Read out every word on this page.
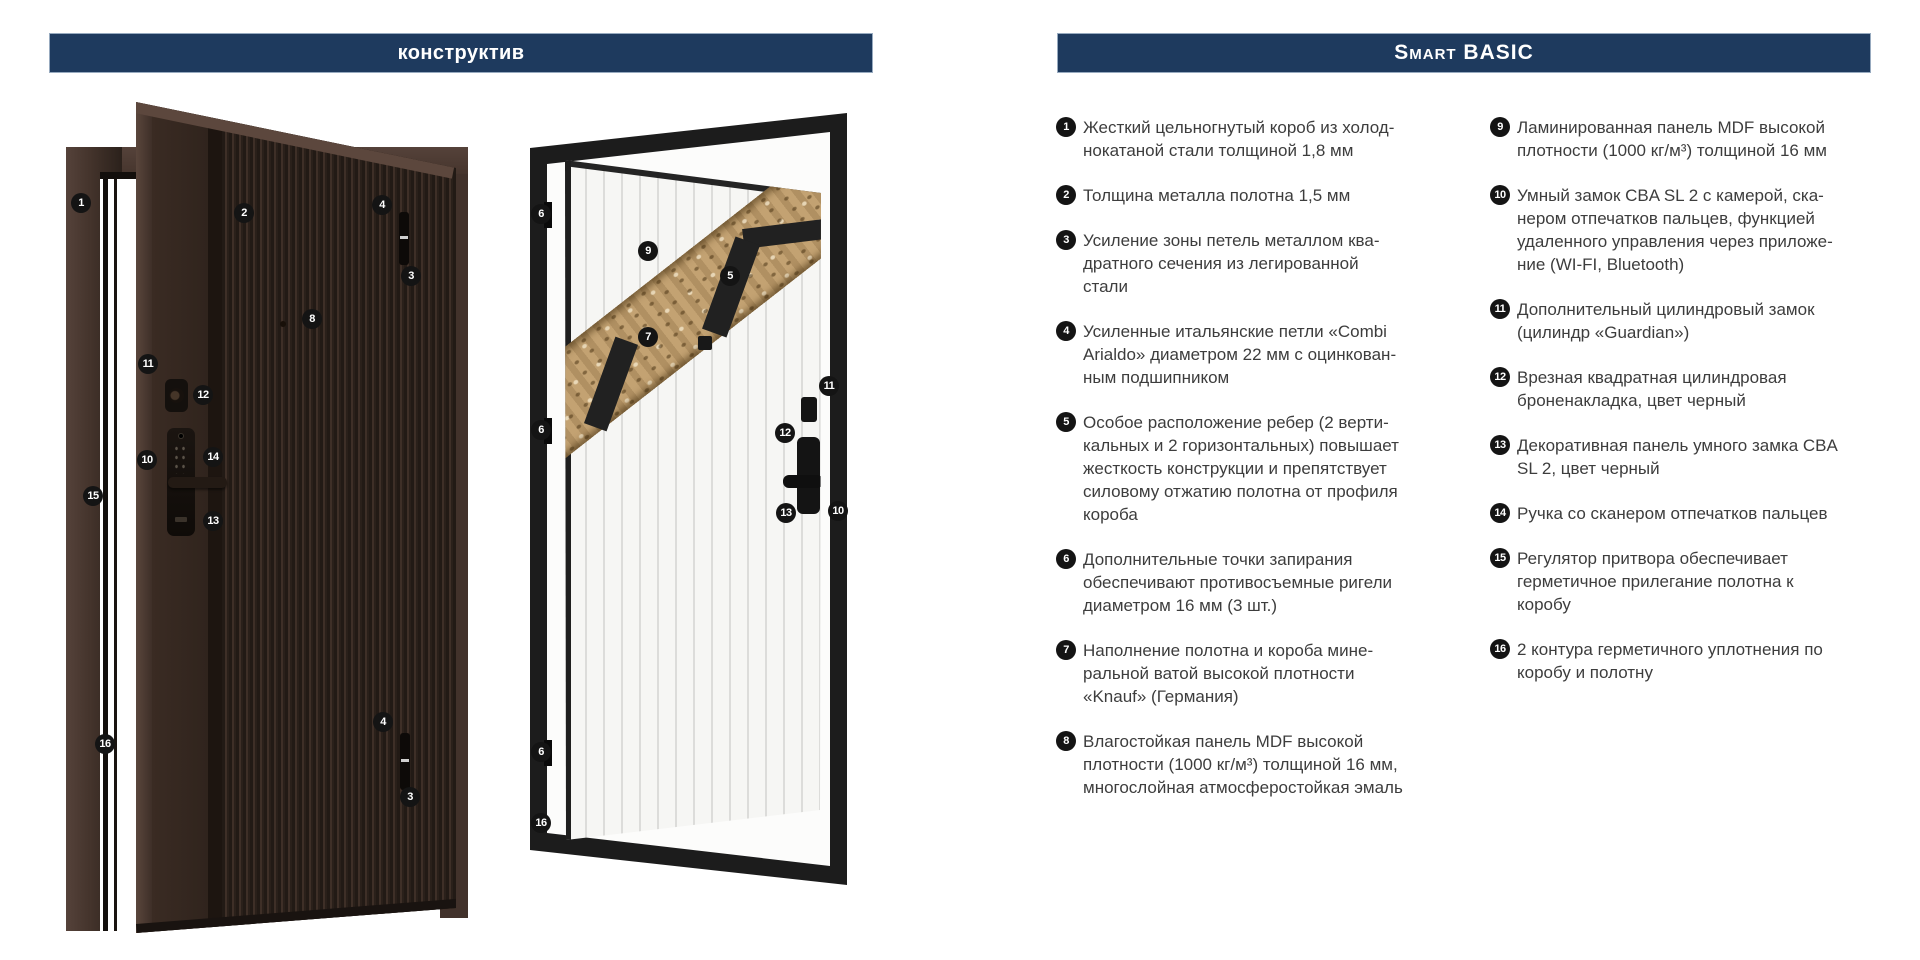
конструктив	Smart BASIC
1
2
4
3
8
11
12
14
10
15
13
16
4
3
6
9
5
7
11
6	12
13	10
6
16
1 Жесткий цельногнутый короб из холоднокатаной стали толщиной 1,8 мм
2 Толщина металла полотна 1,5 мм
3 Усиление зоны петель металлом квадратного сечения из легированной стали
4 Усиленные итальянские петли «Combi Arialdo» диаметром 22 мм с оцинкованным подшипником
5 Особое расположение ребер (2 вертикальных и 2 горизонтальных) повышает жесткость конструкции и препятствует силовому отжатию полотна от профиля короба
6 Дополнительные точки запирания обеспечивают противосъемные ригели диаметром 16 мм (3 шт.)
7 Наполнение полотна и короба минеральной ватой высокой плотности «Knauf» (Германия)
8 Влагостойкая панель MDF высокой плотности (1000 кг/м³) толщиной 16 мм, многослойная атмосферостойкая эмаль
9 Ламинированная панель MDF высокой плотности (1000 кг/м³) толщиной 16 мм
10 Умный замок CBA SL 2 с камерой, сканером отпечатков пальцев, функцией удаленного управления через приложение (WI-FI, Bluetooth)
11 Дополнительный цилиндровый замок (цилиндр «Guardian»)
12 Врезная квадратная цилиндровая броненакладка, цвет черный
13 Декоративная панель умного замка CBA SL 2, цвет черный
14 Ручка со сканером отпечатков пальцев
15 Регулятор притвора обеспечивает герметичное прилегание полотна к коробу
16 2 контура герметичного уплотнения по коробу и полотну
